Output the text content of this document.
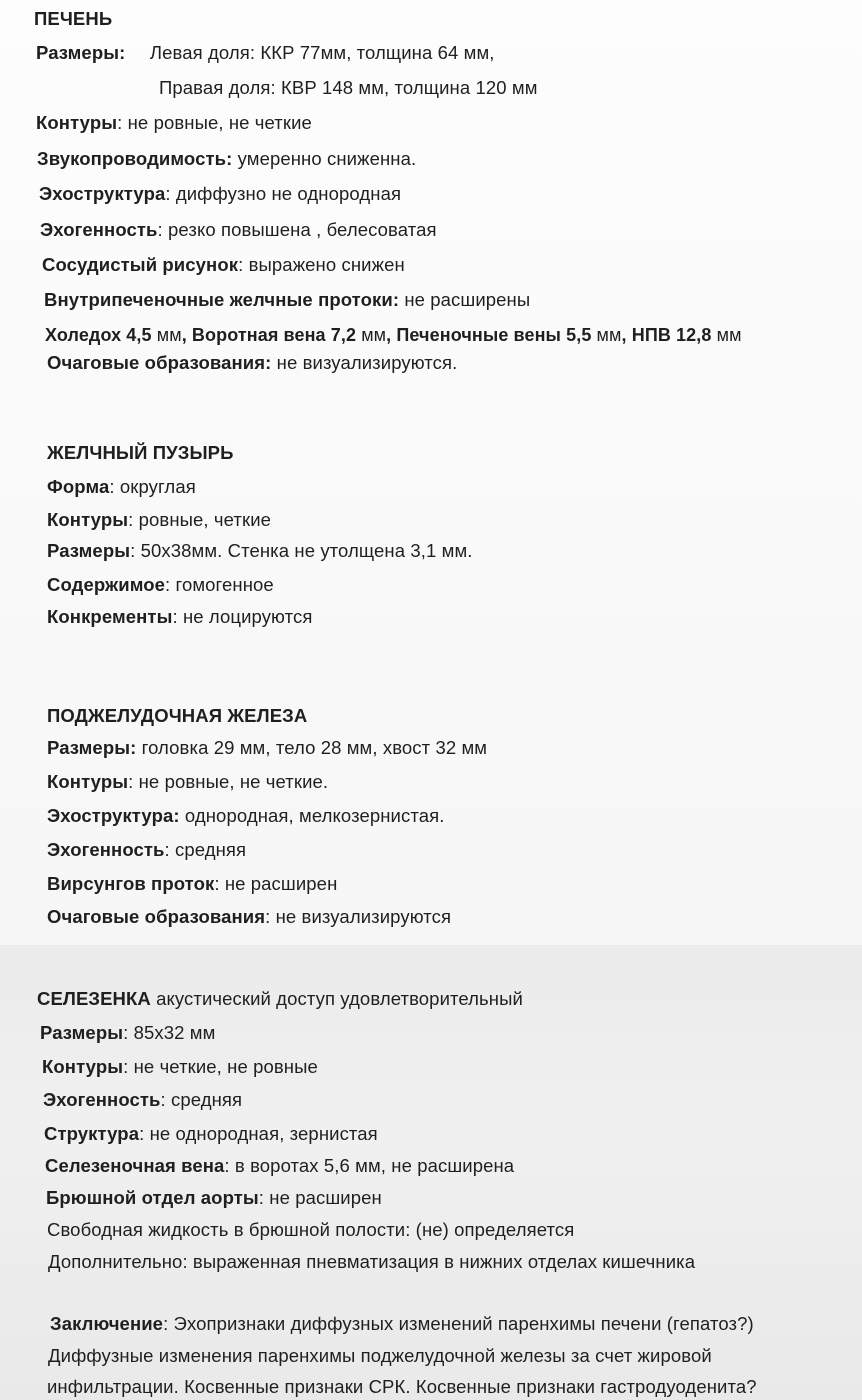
ПЕЧЕНЬ
Размеры: Левая доля: ККР 77мм, толщина 64 мм,
Правая доля: КВР 148 мм, толщина 120 мм
Контуры: не ровные, не четкие
Звукопроводимость: умеренно сниженна.
Эхоструктура: диффузно не однородная
Эхогенность: резко повышена , белесоватая
Сосудистый рисунок: выражено снижен
Внутрипеченочные желчные протоки: не расширены
Холедох 4,5 мм, Воротная вена 7,2 мм, Печеночные вены 5,5 мм, НПВ 12,8 мм
Очаговые образования: не визуализируются.
ЖЕЛЧНЫЙ ПУЗЫРЬ
Форма: округлая
Контуры: ровные, четкие
Размеры: 50x38мм. Стенка не утолщена 3,1 мм.
Содержимое: гомогенное
Конкременты: не лоцируются
ПОДЖЕЛУДОЧНАЯ ЖЕЛЕЗА
Размеры: головка 29 мм, тело 28 мм, хвост 32 мм
Контуры: не ровные, не четкие.
Эхоструктура: однородная, мелкозернистая.
Эхогенность: средняя
Вирсунгов проток: не расширен
Очаговые образования: не визуализируются
СЕЛЕЗЕНКА акустический доступ удовлетворительный
Размеры: 85x32 мм
Контуры: не четкие, не ровные
Эхогенность: средняя
Структура: не однородная, зернистая
Селезеночная вена: в воротах 5,6 мм, не расширена
Брюшной отдел аорты: не расширен
Свободная жидкость в брюшной полости: (не) определяется
Дополнительно: выраженная пневматизация в нижних отделах кишечника
Заключение: Эхопризнаки диффузных изменений паренхимы печени (гепатоз?)
Диффузные изменения паренхимы поджелудочной железы за счет жировой
инфильтрации. Косвенные признаки СРК. Косвенные признаки гастродуоденита?
